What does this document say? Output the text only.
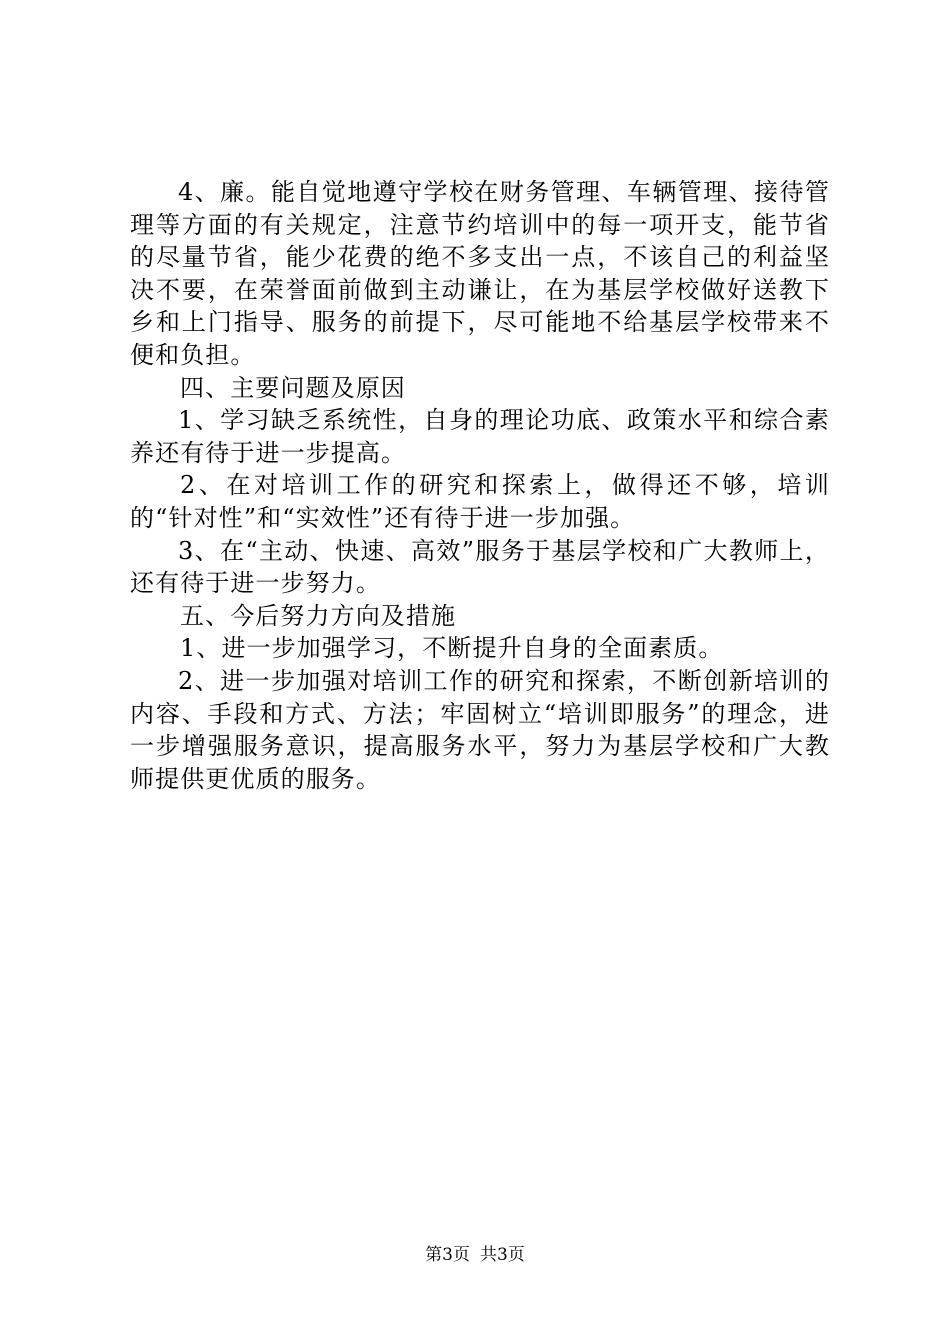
4、廉。能自觉地遵守学校在财务管理、车辆管理、接待管理等方面的有关规定，注意节约培训中的每一项开支，能节省的尽量节省，能少花费的绝不多支出一点，不该自己的利益坚决不要，在荣誉面前做到主动谦让，在为基层学校做好送教下乡和上门指导、服务的前提下，尽可能地不给基层学校带来不便和负担。

四、主要问题及原因

1、学习缺乏系统性，自身的理论功底、政策水平和综合素养还有待于进一步提高。

2、在对培训工作的研究和探索上，做得还不够，培训的“针对性”和“实效性”还有待于进一步加强。

3、在“主动、快速、高效”服务于基层学校和广大教师上，还有待于进一步努力。

五、今后努力方向及措施

1、进一步加强学习，不断提升自身的全面素质。

2、进一步加强对培训工作的研究和探索，不断创新培训的内容、手段和方式、方法；牢固树立“培训即服务”的理念，进一步增强服务意识，提高服务水平，努力为基层学校和广大教师提供更优质的服务。

第3页 共3页
